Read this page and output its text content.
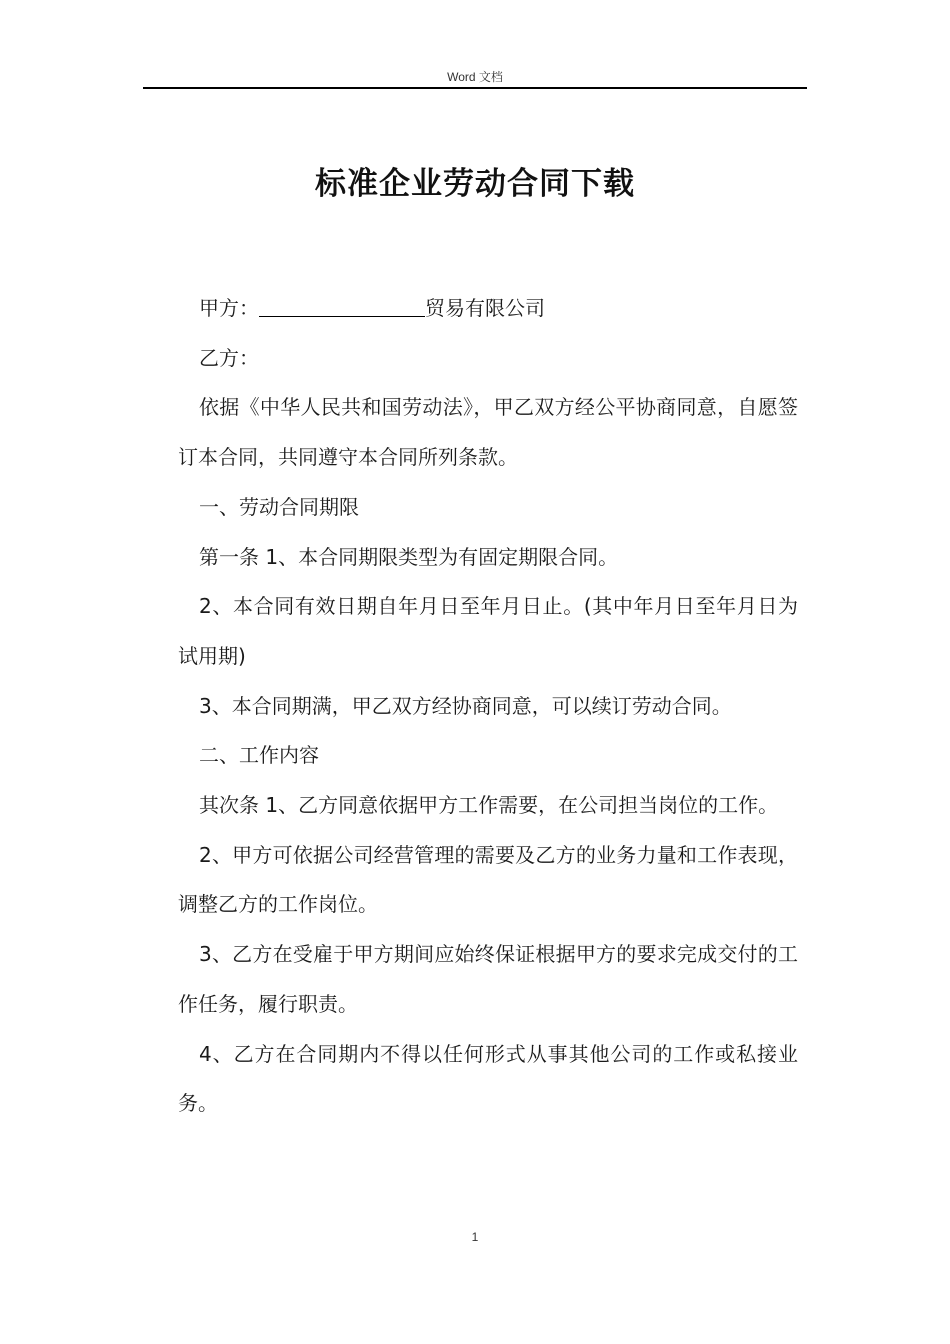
Word 文档
标准企业劳动合同下载

甲方：	贸易有限公司

乙方：

依据《中华人民共和国劳动法》，甲乙双方经公平协商同意，自愿签订本合同，共同遵守本合同所列条款。

一、劳动合同期限

第一条 1、本合同期限类型为有固定期限合同。

2、本合同有效日期自年月日至年月日止。(其中年月日至年月日为试用期)

3、本合同期满，甲乙双方经协商同意，可以续订劳动合同。

二、工作内容

其次条 1、乙方同意依据甲方工作需要，在公司担当岗位的工作。

2、甲方可依据公司经营管理的需要及乙方的业务力量和工作表现，调整乙方的工作岗位。

3、乙方在受雇于甲方期间应始终保证根据甲方的要求完成交付的工作任务，履行职责。

4、乙方在合同期内不得以任何形式从事其他公司的工作或私接业务。

1
